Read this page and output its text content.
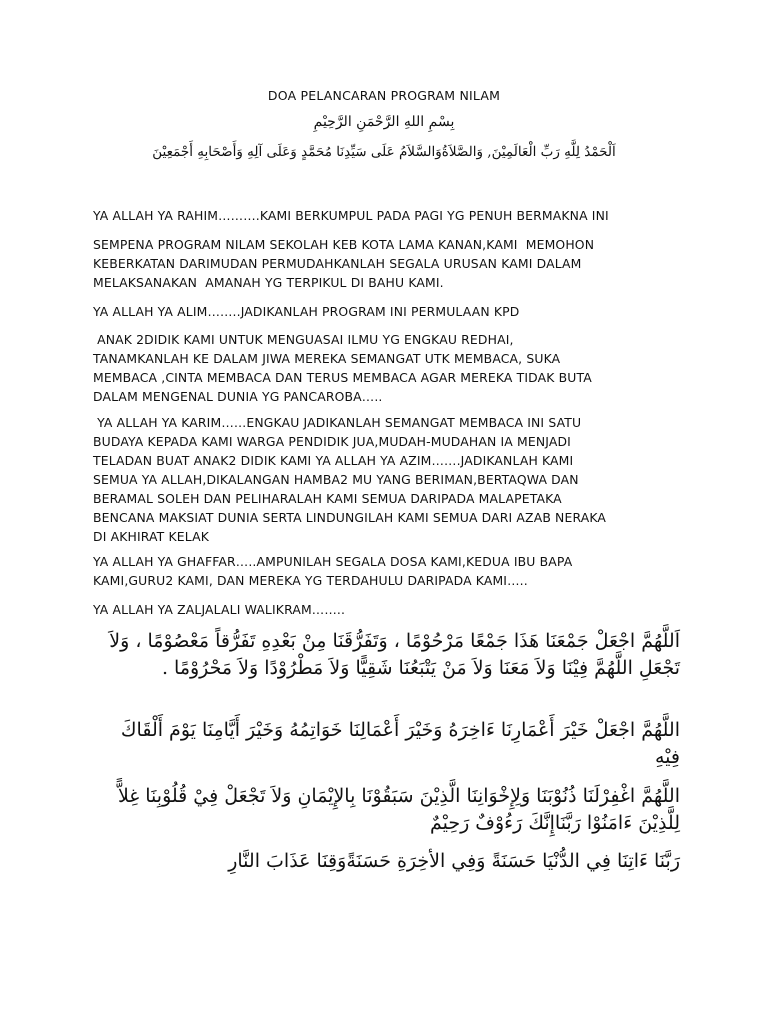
DOA PELANCARAN PROGRAM NILAM
بِسْمِ اللهِ الرَّحْمَنِ الرَّحِيْمِ
اَلْحَمْدُ لِلَّهِ رَبِّ الْعَالَمِيْنَ, وَالصَّلاَةُوَالسَّلاَمُ عَلَى سَيِّدِنَا مُحَمَّدٍ وَعَلَى آلِهِ وَأَصْحَابِهِ أَجْمَعِيْنَ

YA ALLAH YA RAHIM……….KAMI BERKUMPUL PADA PAGI YG PENUH BERMAKNA INI

SEMPENA PROGRAM NILAM SEKOLAH KEB KOTA LAMA KANAN,KAMI  MEMOHON
KEBERKATAN DARIMUDAN PERMUDAHKANLAH SEGALA URUSAN KAMI DALAM
MELAKSANAKAN  AMANAH YG TERPIKUL DI BAHU KAMI.

YA ALLAH YA ALIM……..JADIKANLAH PROGRAM INI PERMULAAN KPD

ANAK 2DIDIK KAMI UNTUK MENGUASAI ILMU YG ENGKAU REDHAI,
TANAMKANLAH KE DALAM JIWA MEREKA SEMANGAT UTK MEMBACA, SUKA
MEMBACA ,CINTA MEMBACA DAN TERUS MEMBACA AGAR MEREKA TIDAK BUTA
DALAM MENGENAL DUNIA YG PANCAROBA…..

YA ALLAH YA KARIM……ENGKAU JADIKANLAH SEMANGAT MEMBACA INI SATU
BUDAYA KEPADA KAMI WARGA PENDIDIK JUA,MUDAH-MUDAHAN IA MENJADI
TELADAN BUAT ANAK2 DIDIK KAMI YA ALLAH YA AZIM…….JADIKANLAH KAMI
SEMUA YA ALLAH,DIKALANGAN HAMBA2 MU YANG BERIMAN,BERTAQWA DAN
BERAMAL SOLEH DAN PELIHARALAH KAMI SEMUA DARIPADA MALAPETAKA
BENCANA MAKSIAT DUNIA SERTA LINDUNGILAH KAMI SEMUA DARI AZAB NERAKA
DI AKHIRAT KELAK

YA ALLAH YA GHAFFAR…..AMPUNILAH SEGALA DOSA KAMI,KEDUA IBU BAPA
KAMI,GURU2 KAMI, DAN MEREKA YG TERDAHULU DARIPADA KAMI…..

YA ALLAH YA ZALJALALI WALIKRAM……..

اَللَّهُمَّ اجْعَلْ جَمْعَنَا هَذَا جَمْعًا مَرْحُوْمًا ، وَتَفَرُّقَنَا مِنْ بَعْدِهِ تَفَرُّقاً مَعْصُوْمًا ، وَلاَ تَجْعَلِ اللَّهُمَّ فِيْنَا وَلاَ مَعَنَا وَلاَ مَنْ يَتْبَعُنَا شَقِيًّا وَلاَ مَطْرُوْدًا وَلاَ مَحْرُوْمًا .

اللَّهُمَّ اجْعَلْ خَيْرَ أَعْمَارِنَا ءَاخِرَهُ وَخَيْرَ أَعْمَالِنَا خَوَاتِمُهُ وَخَيْرَ أَيَّامِنَا يَوْمَ أَلْقَاكَ فِيْهِ

اللَّهُمَّ اغْفِرْلَنَا ذُنُوْبَنَا وَلِإِخْوَانِنَا الَّذِيْنَ سَبَقُوْنَا بِالإِيْمَانِ وَلاَ تَجْعَلْ فِيْ قُلُوْبِنَا غِلاًّ لِلَّذِيْنَ ءَامَنُوْا رَبَّنَاإِنَّكَ رَءُوْفٌ رَحِيْمٌ

رَبَّنَا ءَاتِنَا فِي الدُّنْيَا حَسَنَةً وَفِي الأخِرَةِ حَسَنَةًوَقِنَا عَذَابَ النَّارِ
